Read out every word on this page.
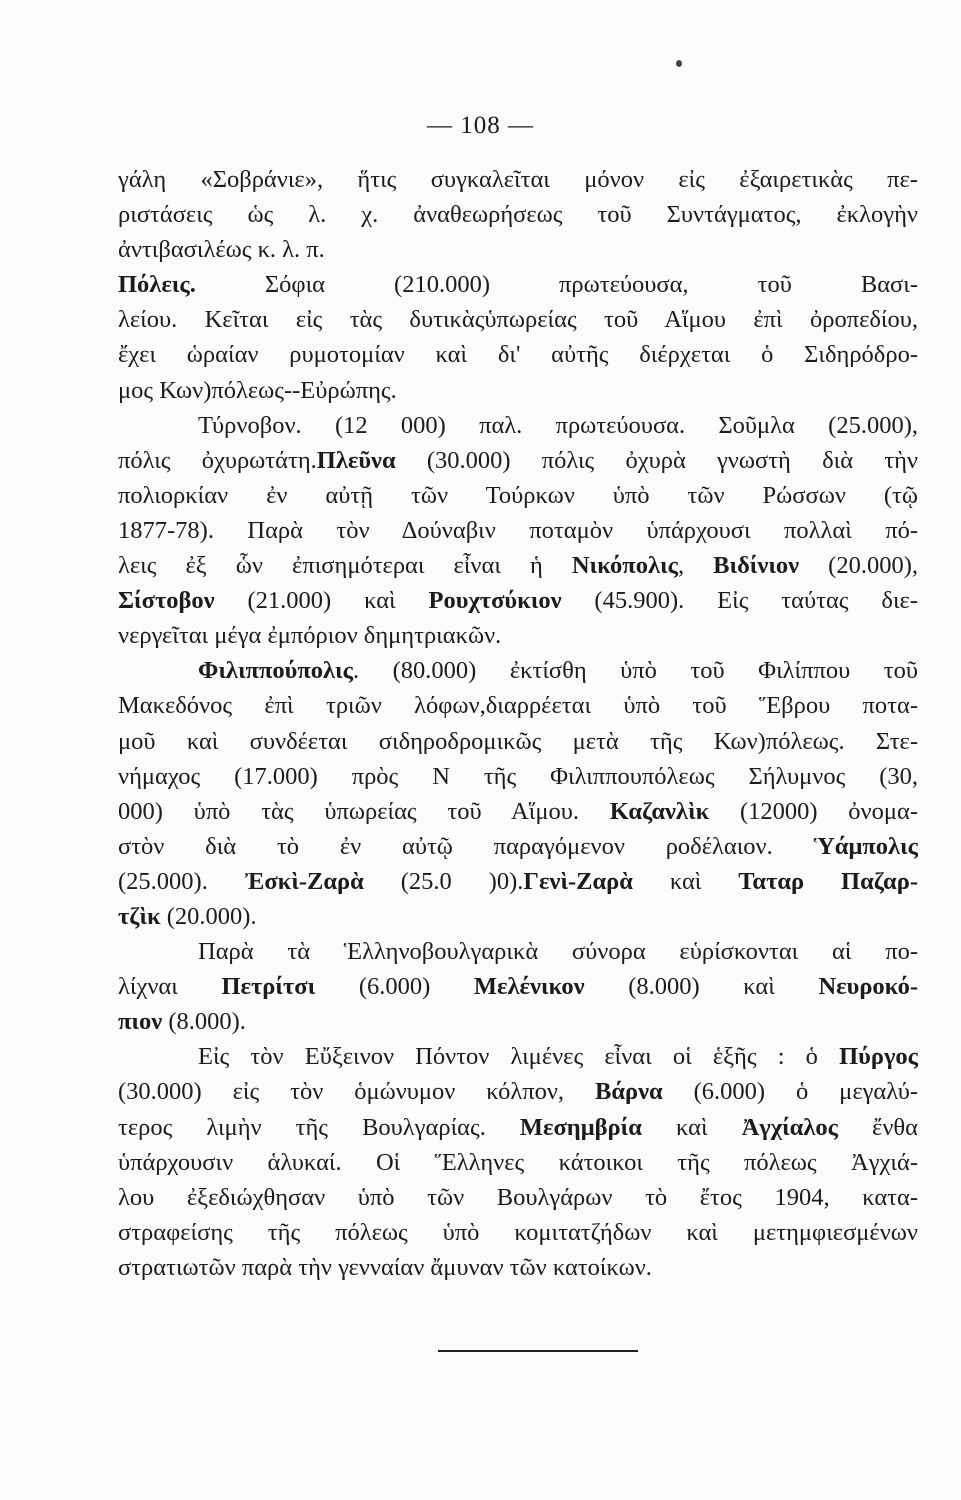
— 108 —
γάλη «Σοβράνιε», ἥτις συγκαλεῖται μόνον εἰς ἐξαιρετικὰς πε-
ριστάσεις ὡς λ. χ. ἀναθεωρήσεως τοῦ Συντάγματος, ἐκλογὴν
ἀντιβασιλέως κ. λ. π.
Πόλεις. Σόφια (210.000) πρωτεύουσα, τοῦ Βασι-
λείου. Κεῖται εἰς τὰς δυτικὰςὑπωρείας τοῦ Αἵμου ἐπὶ ὀροπεδίου,
ἔχει ὡραίαν ρυμοτομίαν καὶ δι' αὐτῆς διέρχεται ὁ Σιδηρόδρο-
μος Κων)πόλεως--Εὐρώπης.
Τύρνοβον. (12 000) παλ. πρωτεύουσα. Σοῦμλα (25.000),
πόλις ὀχυρωτάτη.Πλεῦνα (30.000) πόλις ὀχυρὰ γνωστὴ διὰ τὴν
πολιορκίαν ἐν αὐτῇ τῶν Τούρκων ὑπὸ τῶν Ρώσσων (τῷ
1877-78). Παρὰ τὸν Δούναβιν ποταμὸν ὑπάρχουσι πολλαὶ πό-
λεις ἐξ ὧν ἐπισημότεραι εἶναι ἡ Νικόπολις, Βιδίνιον (20.000),
Σίστοβον (21.000) καὶ Ρουχτσύκιον (45.900). Εἰς ταύτας διε-
νεργεῖται μέγα ἐμπόριον δημητριακῶν.
Φιλιππούπολις. (80.000) ἐκτίσθη ὑπὸ τοῦ Φιλίππου τοῦ
Μακεδόνος ἐπὶ τριῶν λόφων,διαρρέεται ὑπὸ τοῦ Ἕβρου ποτα-
μοῦ καὶ συνδέεται σιδηροδρομικῶς μετὰ τῆς Κων)πόλεως. Στε-
νήμαχος (17.000) πρὸς Ν τῆς Φιλιππουπόλεως Σήλυμνος (30,
000) ὑπὸ τὰς ὑπωρείας τοῦ Αἵμου. Καζανλὶκ (12000) ὀνομα-
στὸν διὰ τὸ ἐν αὐτῷ παραγόμενον ροδέλαιον. Ὑάμπολις
(25.000). Ἐσκὶ-Ζαρὰ (25.0 )0).Γενὶ-Ζαρὰ καὶ Ταταρ Παζαρ-
τζὶκ (20.000).
Παρὰ τὰ Ἑλληνοβουλγαρικὰ σύνορα εὑρίσκονται αἱ πο-
λίχναι Πετρίτσι (6.000) Μελένικον (8.000) καὶ Νευροκό-
πιον (8.000).
Εἰς τὸν Εὔξεινον Πόντον λιμένες εἶναι οἱ ἑξῆς : ὁ Πύργος
(30.000) εἰς τὸν ὁμώνυμον κόλπον, Βάρνα (6.000) ὁ μεγαλύ-
τερος λιμὴν τῆς Βουλγαρίας. Μεσημβρία καὶ Ἀγχίαλος ἔνθα
ὑπάρχουσιν ἁλυκαί. Οἱ Ἕλληνες κάτοικοι τῆς πόλεως Ἀγχιά-
λου ἐξεδιώχθησαν ὑπὸ τῶν Βουλγάρων τὸ ἔτος 1904, κατα-
στραφείσης τῆς πόλεως ὑπὸ κομιτατζήδων καὶ μετημφιεσμένων
στρατιωτῶν παρὰ τὴν γενναίαν ἄμυναν τῶν κατοίκων.
